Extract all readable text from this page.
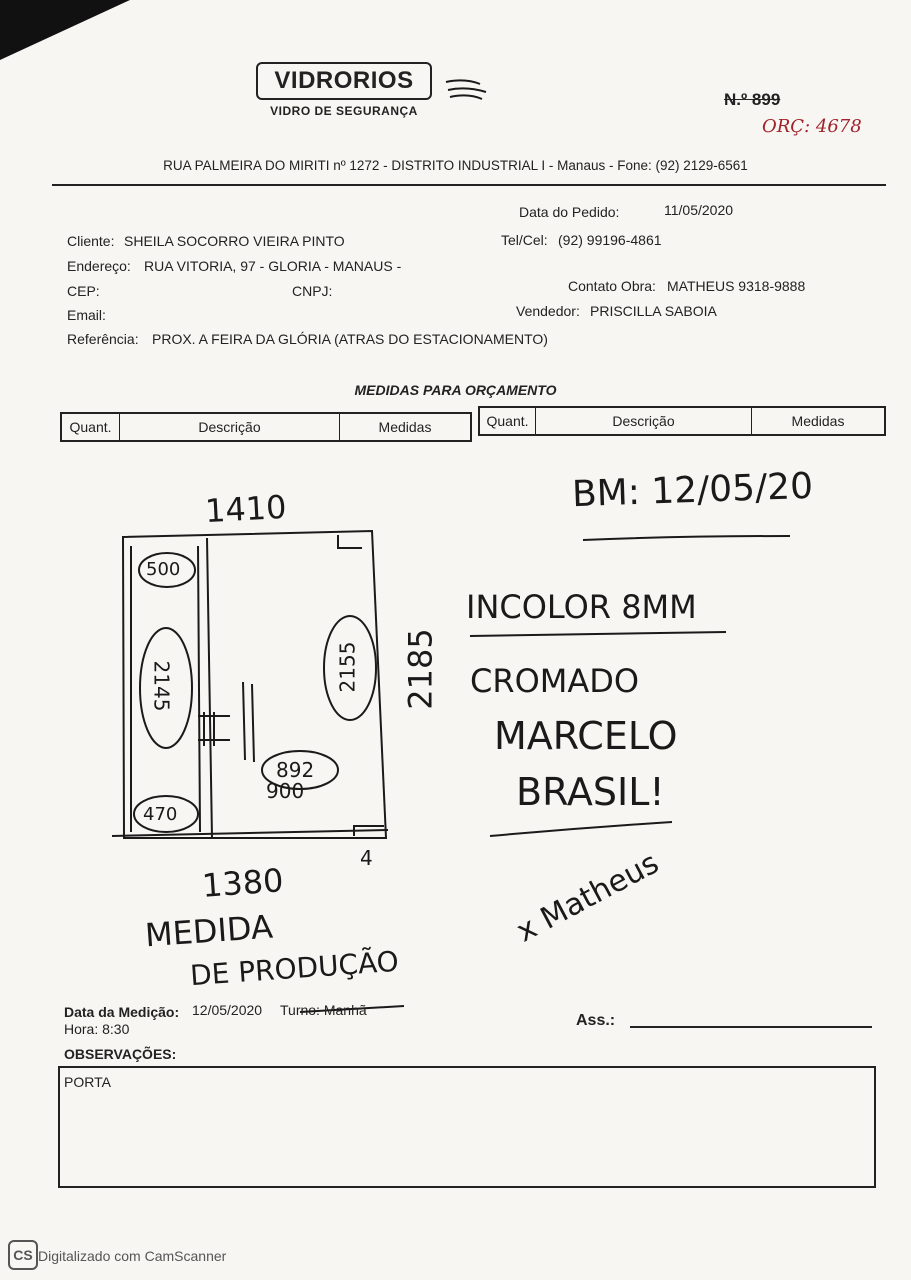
VIDRORIOS
VIDRO DE SEGURANÇA
N.º 899
ORÇ: 4678
RUA PALMEIRA DO MIRITI nº 1272 - DISTRITO INDUSTRIAL I - Manaus - Fone: (92) 2129-6561
Data do Pedido:	11/05/2020
Cliente: SHEILA SOCORRO VIEIRA PINTO	Tel/Cel: (92) 99196-4861
Endereço: RUA VITORIA, 97 - GLORIA - MANAUS -
CEP:	CNPJ:	Contato Obra: MATHEUS 9318-9888
Email:	Vendedor: PRISCILLA SABOIA
Referência: PROX. A FEIRA DA GLÓRIA (ATRAS DO ESTACIONAMENTO)
MEDIDAS PARA ORÇAMENTO
Quant.	Descrição	Medidas	Quant.	Descrição	Medidas
1410
2185
1380
4
500
2145
470
2155
892
900
MEDIDA
DE PRODUÇÃO
BM: 12/05/20
INCOLOR 8MM
CROMADO
MARCELO
BRASIL!
x Matheus
Data da Medição: 12/05/2020 Turno: Manhã
Hora: 8:30	Ass.:
OBSERVAÇÕES:
PORTA
CS Digitalizado com CamScanner
